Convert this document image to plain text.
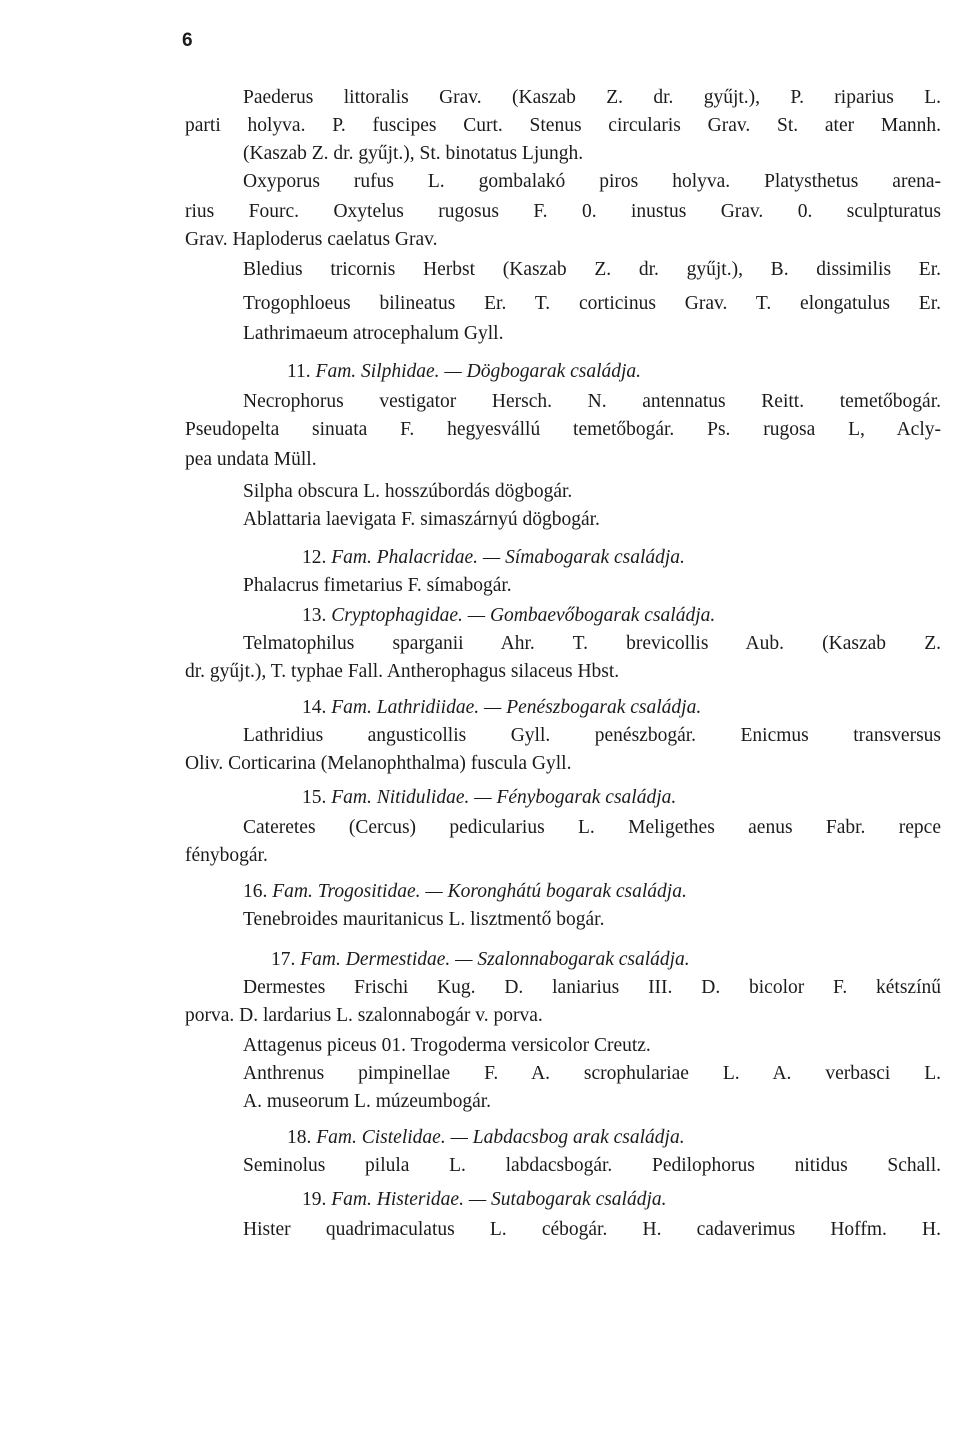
6
Paederus littoralis Grav. (Kaszab Z. dr. gyűjt.), P. riparius L.
parti holyva. P. fuscipes Curt. Stenus circularis Grav. St. ater Mannh.
(Kaszab Z. dr. gyűjt.), St. binotatus Ljungh.
Oxyporus rufus L. gombalakó piros holyva. Platysthetus arena-
rius Fourc. Oxytelus rugosus F. 0. inustus Grav. 0. sculpturatus
Grav. Haploderus caelatus Grav.
Bledius tricornis Herbst (Kaszab Z. dr. gyűjt.), B. dissimilis Er.
Trogophloeus bilineatus Er. T. corticinus Grav. T. elongatulus Er.
Lathrimaeum atrocephalum Gyll.
11. Fam. Silphidae. — Dögbogarak családja.
Necrophorus vestigator Hersch. N. antennatus Reitt. temetőbogár.
Pseudopelta sinuata F. hegyesvállú temetőbogár. Ps. rugosa L, Acly-
pea undata Müll.
Silpha obscura L. hosszúbordás dögbogár.
Ablattaria laevigata F. simaszárnyú dögbogár.
12. Fam. Phalacridae. — Símabogarak családja.
Phalacrus fimetarius F. símabogár.
13. Cryptophagidae. — Gombaevőbogarak családja.
Telmatophilus sparganii Ahr. T. brevicollis Aub. (Kaszab Z.
dr. gyűjt.), T. typhae Fall. Antherophagus silaceus Hbst.
14. Fam. Lathridiidae. — Penészbogarak családja.
Lathridius angusticollis Gyll. penészbogár. Enicmus transversus
Oliv. Corticarina (Melanophthalma) fuscula Gyll.
15. Fam. Nitidulidae. — Fénybogarak családja.
Cateretes (Cercus) pedicularius L. Meligethes aenus Fabr. repce
fénybogár.
16. Fam. Trogositidae. — Koronghátú bogarak családja.
Tenebroides mauritanicus L. lisztmentő bogár.
17. Fam. Dermestidae. — Szalonnabogarak családja.
Dermestes Frischi Kug. D. laniarius III. D. bicolor F. kétszínű
porva. D. lardarius L. szalonnabogár v. porva.
Attagenus piceus 01. Trogoderma versicolor Creutz.
Anthrenus pimpinellae F. A. scrophulariae L. A. verbasci L.
A. museorum L. múzeumbogár.
18. Fam. Cistelidae. — Labdacsbog arak családja.
Seminolus pilula L. labdacsbogár. Pedilophorus nitidus Schall.
19. Fam. Histeridae. — Sutabogarak családja.
Hister quadrimaculatus L. cébogár. H. cadaverimus Hoffm. H.
